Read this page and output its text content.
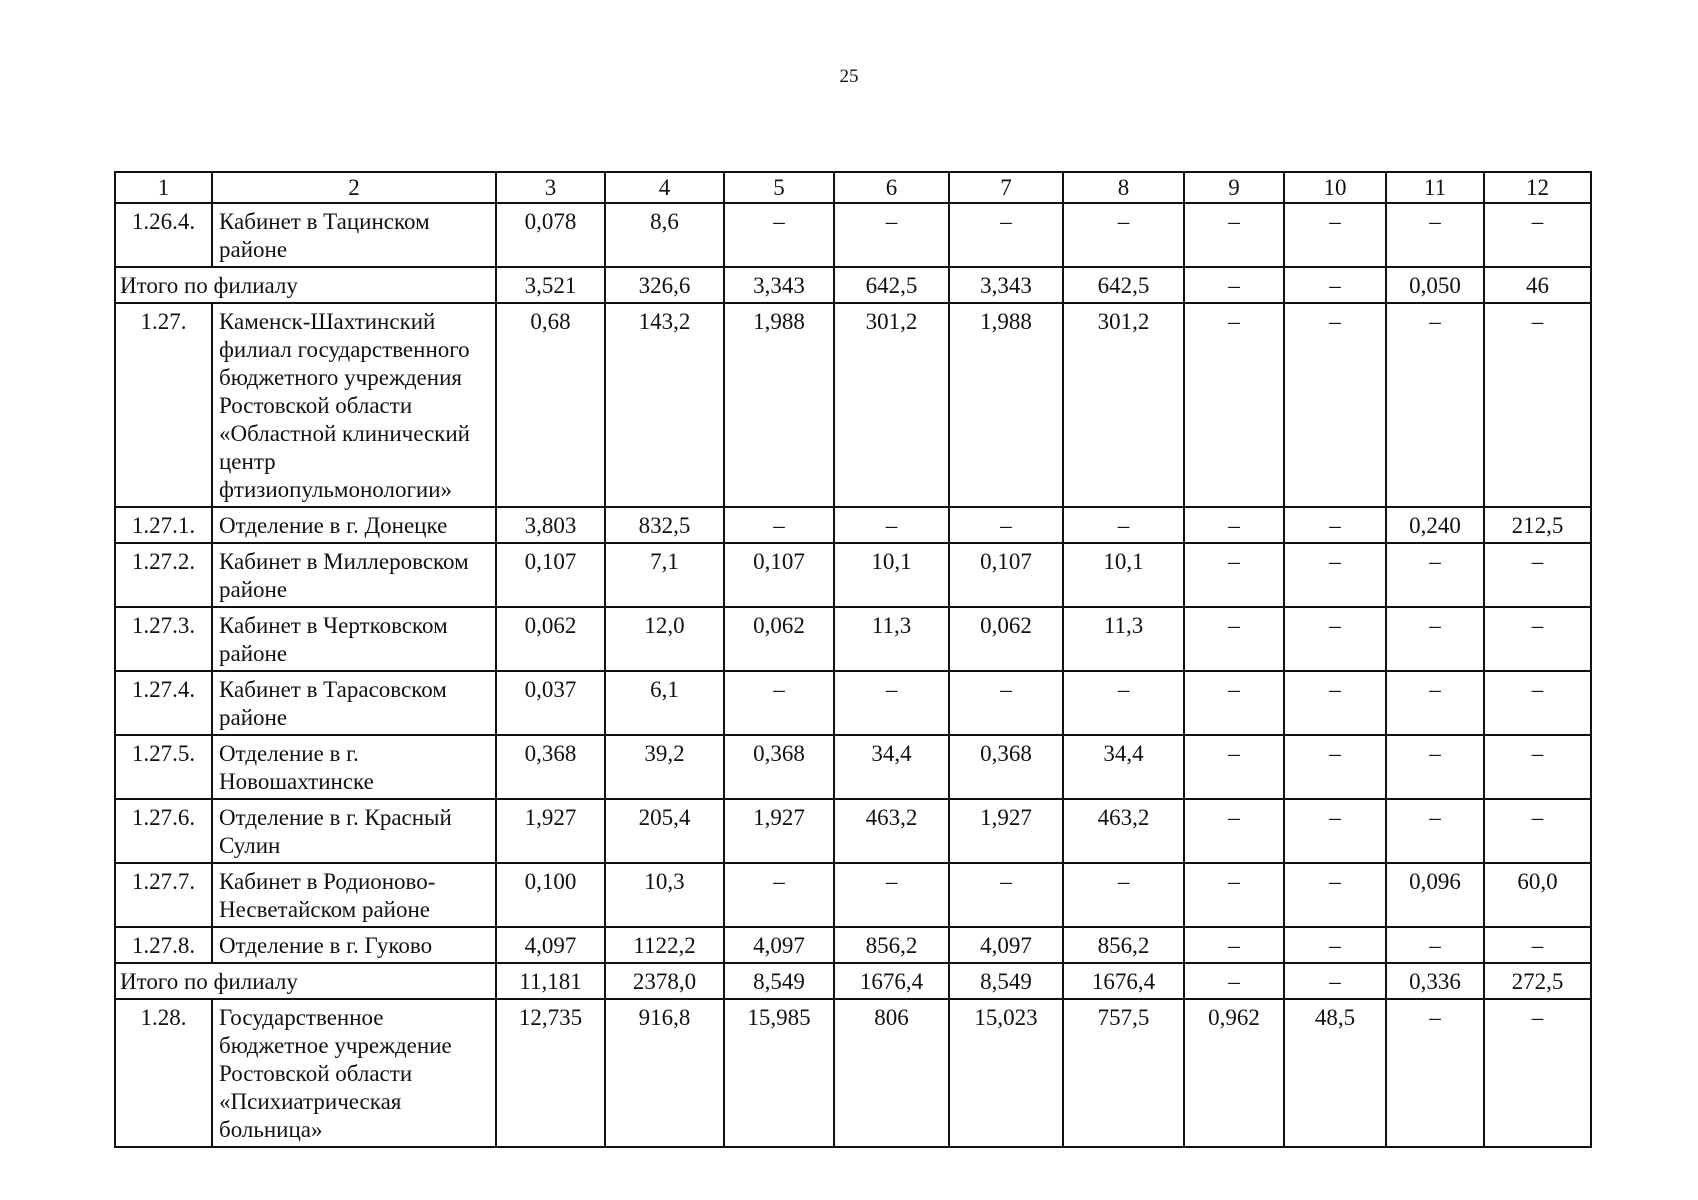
25
1	2	3	4	5	6	7	8	9	10	11	12
1.26.4.	Кабинет в Тацинском районе	0,078	8,6	–	–	–	–	–	–	–	–
Итого по филиалу		3,521	326,6	3,343	642,5	3,343	642,5	–	–	0,050	46
1.27.	Каменск-Шахтинский филиал государственного бюджетного учреждения Ростовской области «Областной клинический центр фтизиопульмонологии»	0,68	143,2	1,988	301,2	1,988	301,2	–	–	–	–
1.27.1.	Отделение в г. Донецке	3,803	832,5	–	–	–	–	–	–	0,240	212,5
1.27.2.	Кабинет в Миллеровском районе	0,107	7,1	0,107	10,1	0,107	10,1	–	–	–	–
1.27.3.	Кабинет в Чертковском районе	0,062	12,0	0,062	11,3	0,062	11,3	–	–	–	–
1.27.4.	Кабинет в Тарасовском районе	0,037	6,1	–	–	–	–	–	–	–	–
1.27.5.	Отделение в г. Новошахтинске	0,368	39,2	0,368	34,4	0,368	34,4	–	–	–	–
1.27.6.	Отделение в г. Красный Сулин	1,927	205,4	1,927	463,2	1,927	463,2	–	–	–	–
1.27.7.	Кабинет в Родионово-Несветайском районе	0,100	10,3	–	–	–	–	–	–	0,096	60,0
1.27.8.	Отделение в г. Гуково	4,097	1122,2	4,097	856,2	4,097	856,2	–	–	–	–
Итого по филиалу		11,181	2378,0	8,549	1676,4	8,549	1676,4	–	–	0,336	272,5
1.28.	Государственное бюджетное учреждение Ростовской области «Психиатрическая больница»	12,735	916,8	15,985	806	15,023	757,5	0,962	48,5	–	–
